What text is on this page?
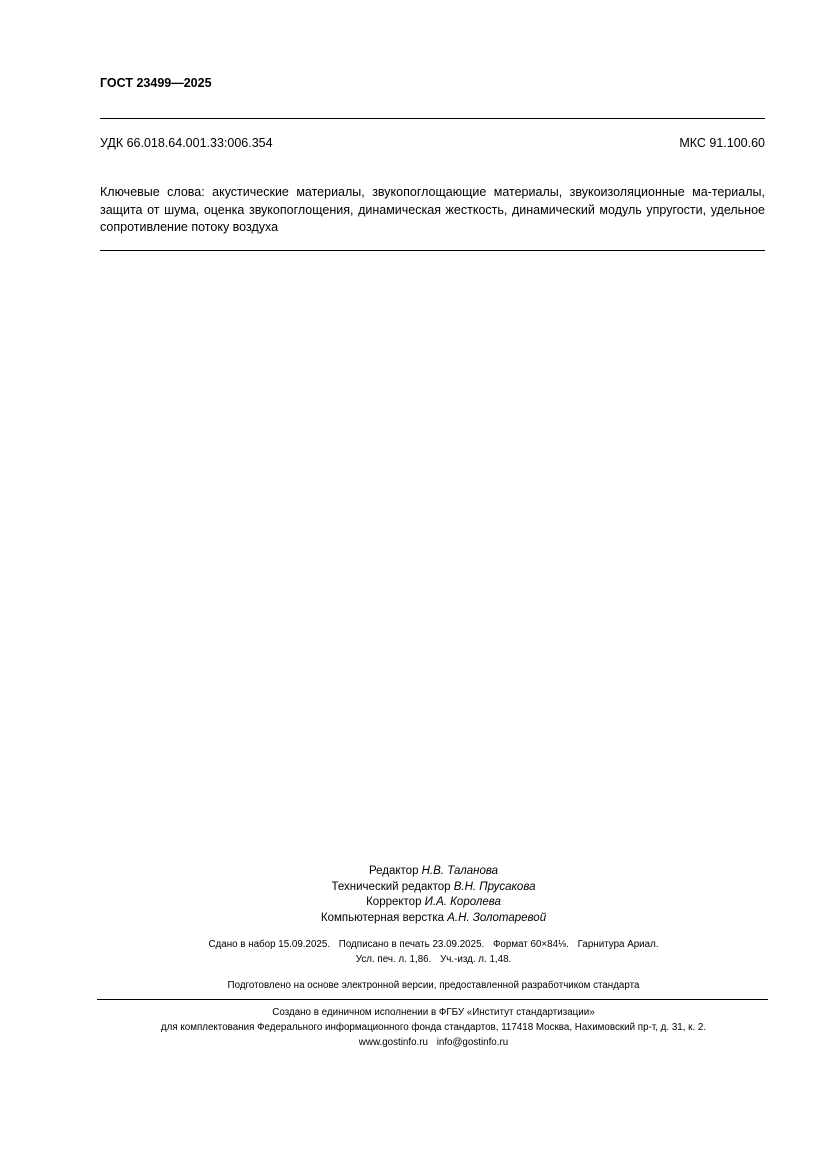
ГОСТ 23499—2025
УДК 66.018.64.001.33:006.354	МКС 91.100.60
Ключевые слова: акустические материалы, звукопоглощающие материалы, звукоизоляционные ма-териалы, защита от шума, оценка звукопоглощения, динамическая жесткость, динамический модуль упругости, удельное сопротивление потоку воздуха
Редактор Н.В. Таланова
Технический редактор В.Н. Прусакова
Корректор И.А. Королева
Компьютерная верстка А.Н. Золотаревой
Сдано в набор 15.09.2025. Подписано в печать 23.09.2025. Формат 60×84⅛. Гарнитура Ариал.
Усл. печ. л. 1,86. Уч.-изд. л. 1,48.
Подготовлено на основе электронной версии, предоставленной разработчиком стандарта
Создано в единичном исполнении в ФГБУ «Институт стандартизации»
для комплектования Федерального информационного фонда стандартов, 117418 Москва, Нахимовский пр-т, д. 31, к. 2.
www.gostinfo.ru info@gostinfo.ru
